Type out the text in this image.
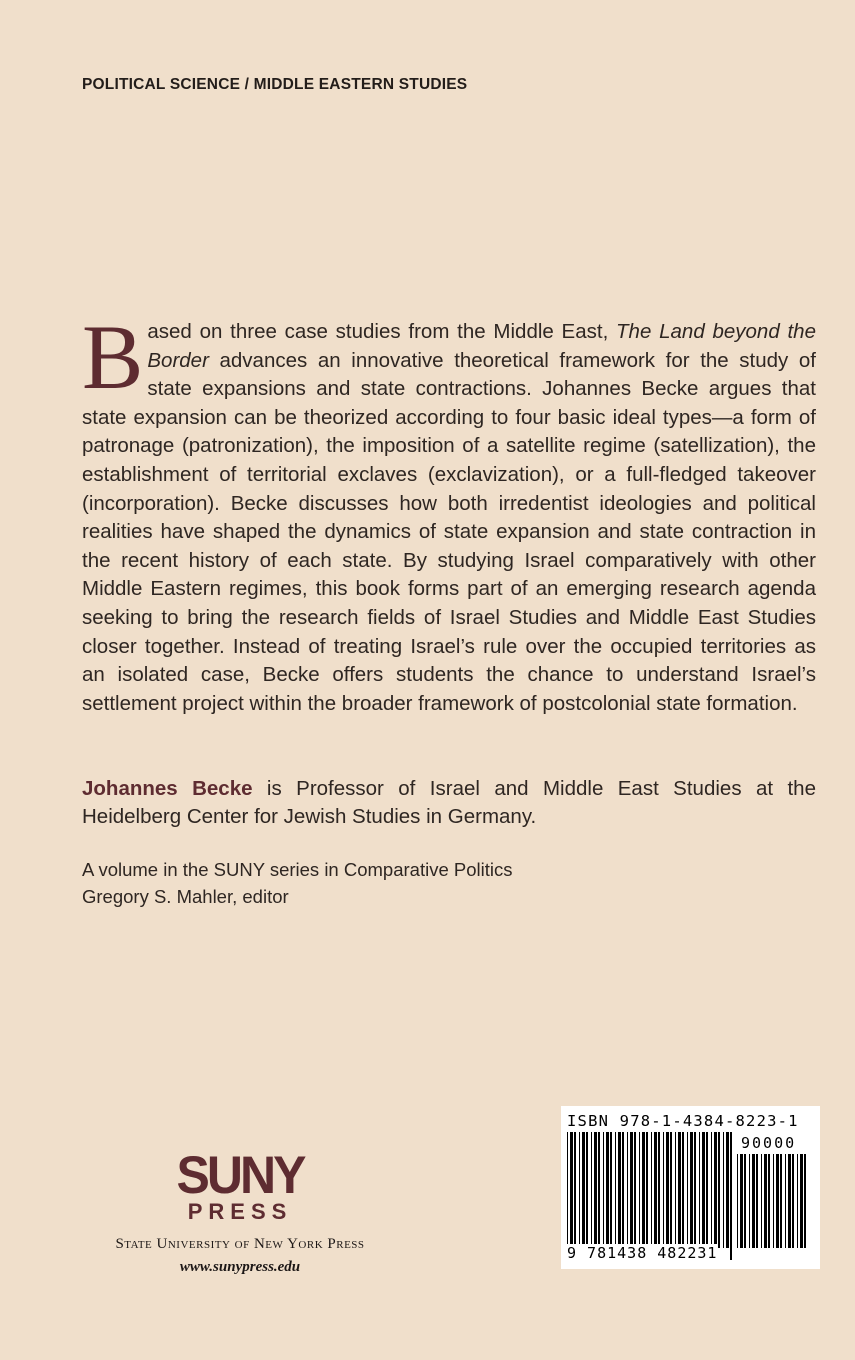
POLITICAL SCIENCE / MIDDLE EASTERN STUDIES

Based on three case studies from the Middle East, The Land beyond the Border advances an innovative theoretical framework for the study of state expansions and state contractions. Johannes Becke argues that state expansion can be theorized according to four basic ideal types—a form of patronage (patronization), the imposition of a satellite regime (satellization), the establishment of territorial exclaves (exclavization), or a full-fledged takeover (incorporation). Becke discusses how both irredentist ideologies and political realities have shaped the dynamics of state expansion and state contraction in the recent history of each state. By studying Israel comparatively with other Middle Eastern regimes, this book forms part of an emerging research agenda seeking to bring the research fields of Israel Studies and Middle East Studies closer together. Instead of treating Israel’s rule over the occupied territories as an isolated case, Becke offers students the chance to understand Israel’s settlement project within the broader framework of postcolonial state formation.

Johannes Becke is Professor of Israel and Middle East Studies at the Heidelberg Center for Jewish Studies in Germany.

A volume in the SUNY series in Comparative Politics
Gregory S. Mahler, editor
SUNY
PRESS
State University of New York Press
www.sunypress.edu
ISBN 978-1-4384-8223-1
90000
9 781438 482231
